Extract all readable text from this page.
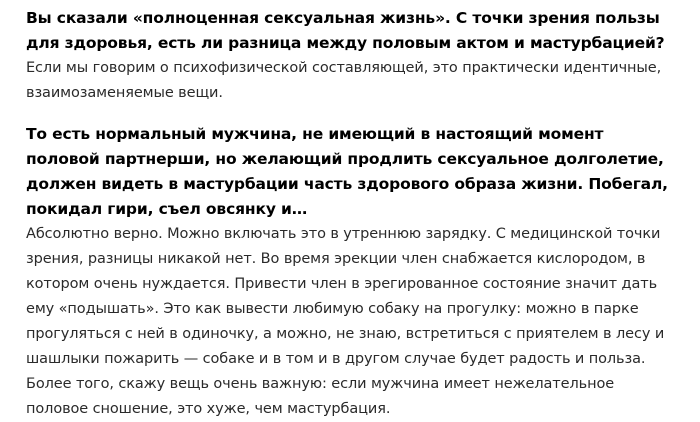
Вы сказали «полноценная сексуальная жизнь». С точки зрения пользы для здоровья, есть ли разница между половым актом и мастурбацией?

Если мы говорим о психофизической составляющей, это практически идентичные, взаимозаменяемые вещи.

То есть нормальный мужчина, не имеющий в настоящий момент половой партнерши, но желающий продлить сексуальное долголетие, должен видеть в мастурбации часть здорового образа жизни. Побегал, покидал гири, съел овсянку и…

Абсолютно верно. Можно включать это в утреннюю зарядку. С медицинской точки зрения, разницы никакой нет. Во время эрекции член снабжается кислородом, в котором очень нуждается. Привести член в эрегированное состояние значит дать ему «подышать». Это как вывести любимую собаку на прогулку: можно в парке прогуляться с ней в одиночку, а можно, не знаю, встретиться с приятелем в лесу и шашлыки пожарить — собаке и в том и в другом случае будет радость и польза. Более того, скажу вещь очень важную: если мужчина имеет нежелательное половое сношение, это хуже, чем мастурбация.
